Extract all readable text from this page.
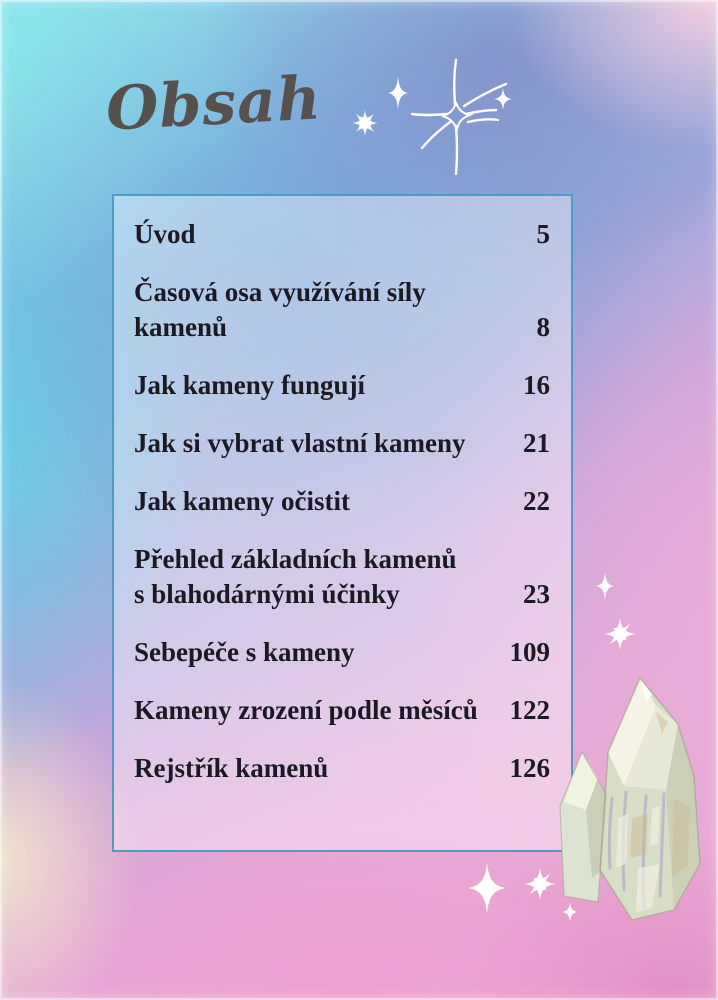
Obsah
Úvod	5
Časová osa využívání síly kamenů	8
Jak kameny fungují	16
Jak si vybrat vlastní kameny	21
Jak kameny očistit	22
Přehled základních kamenů
s blahodárnými účinky	23
Sebepéče s kameny	109
Kameny zrození podle měsíců	122
Rejstřík kamenů	126
